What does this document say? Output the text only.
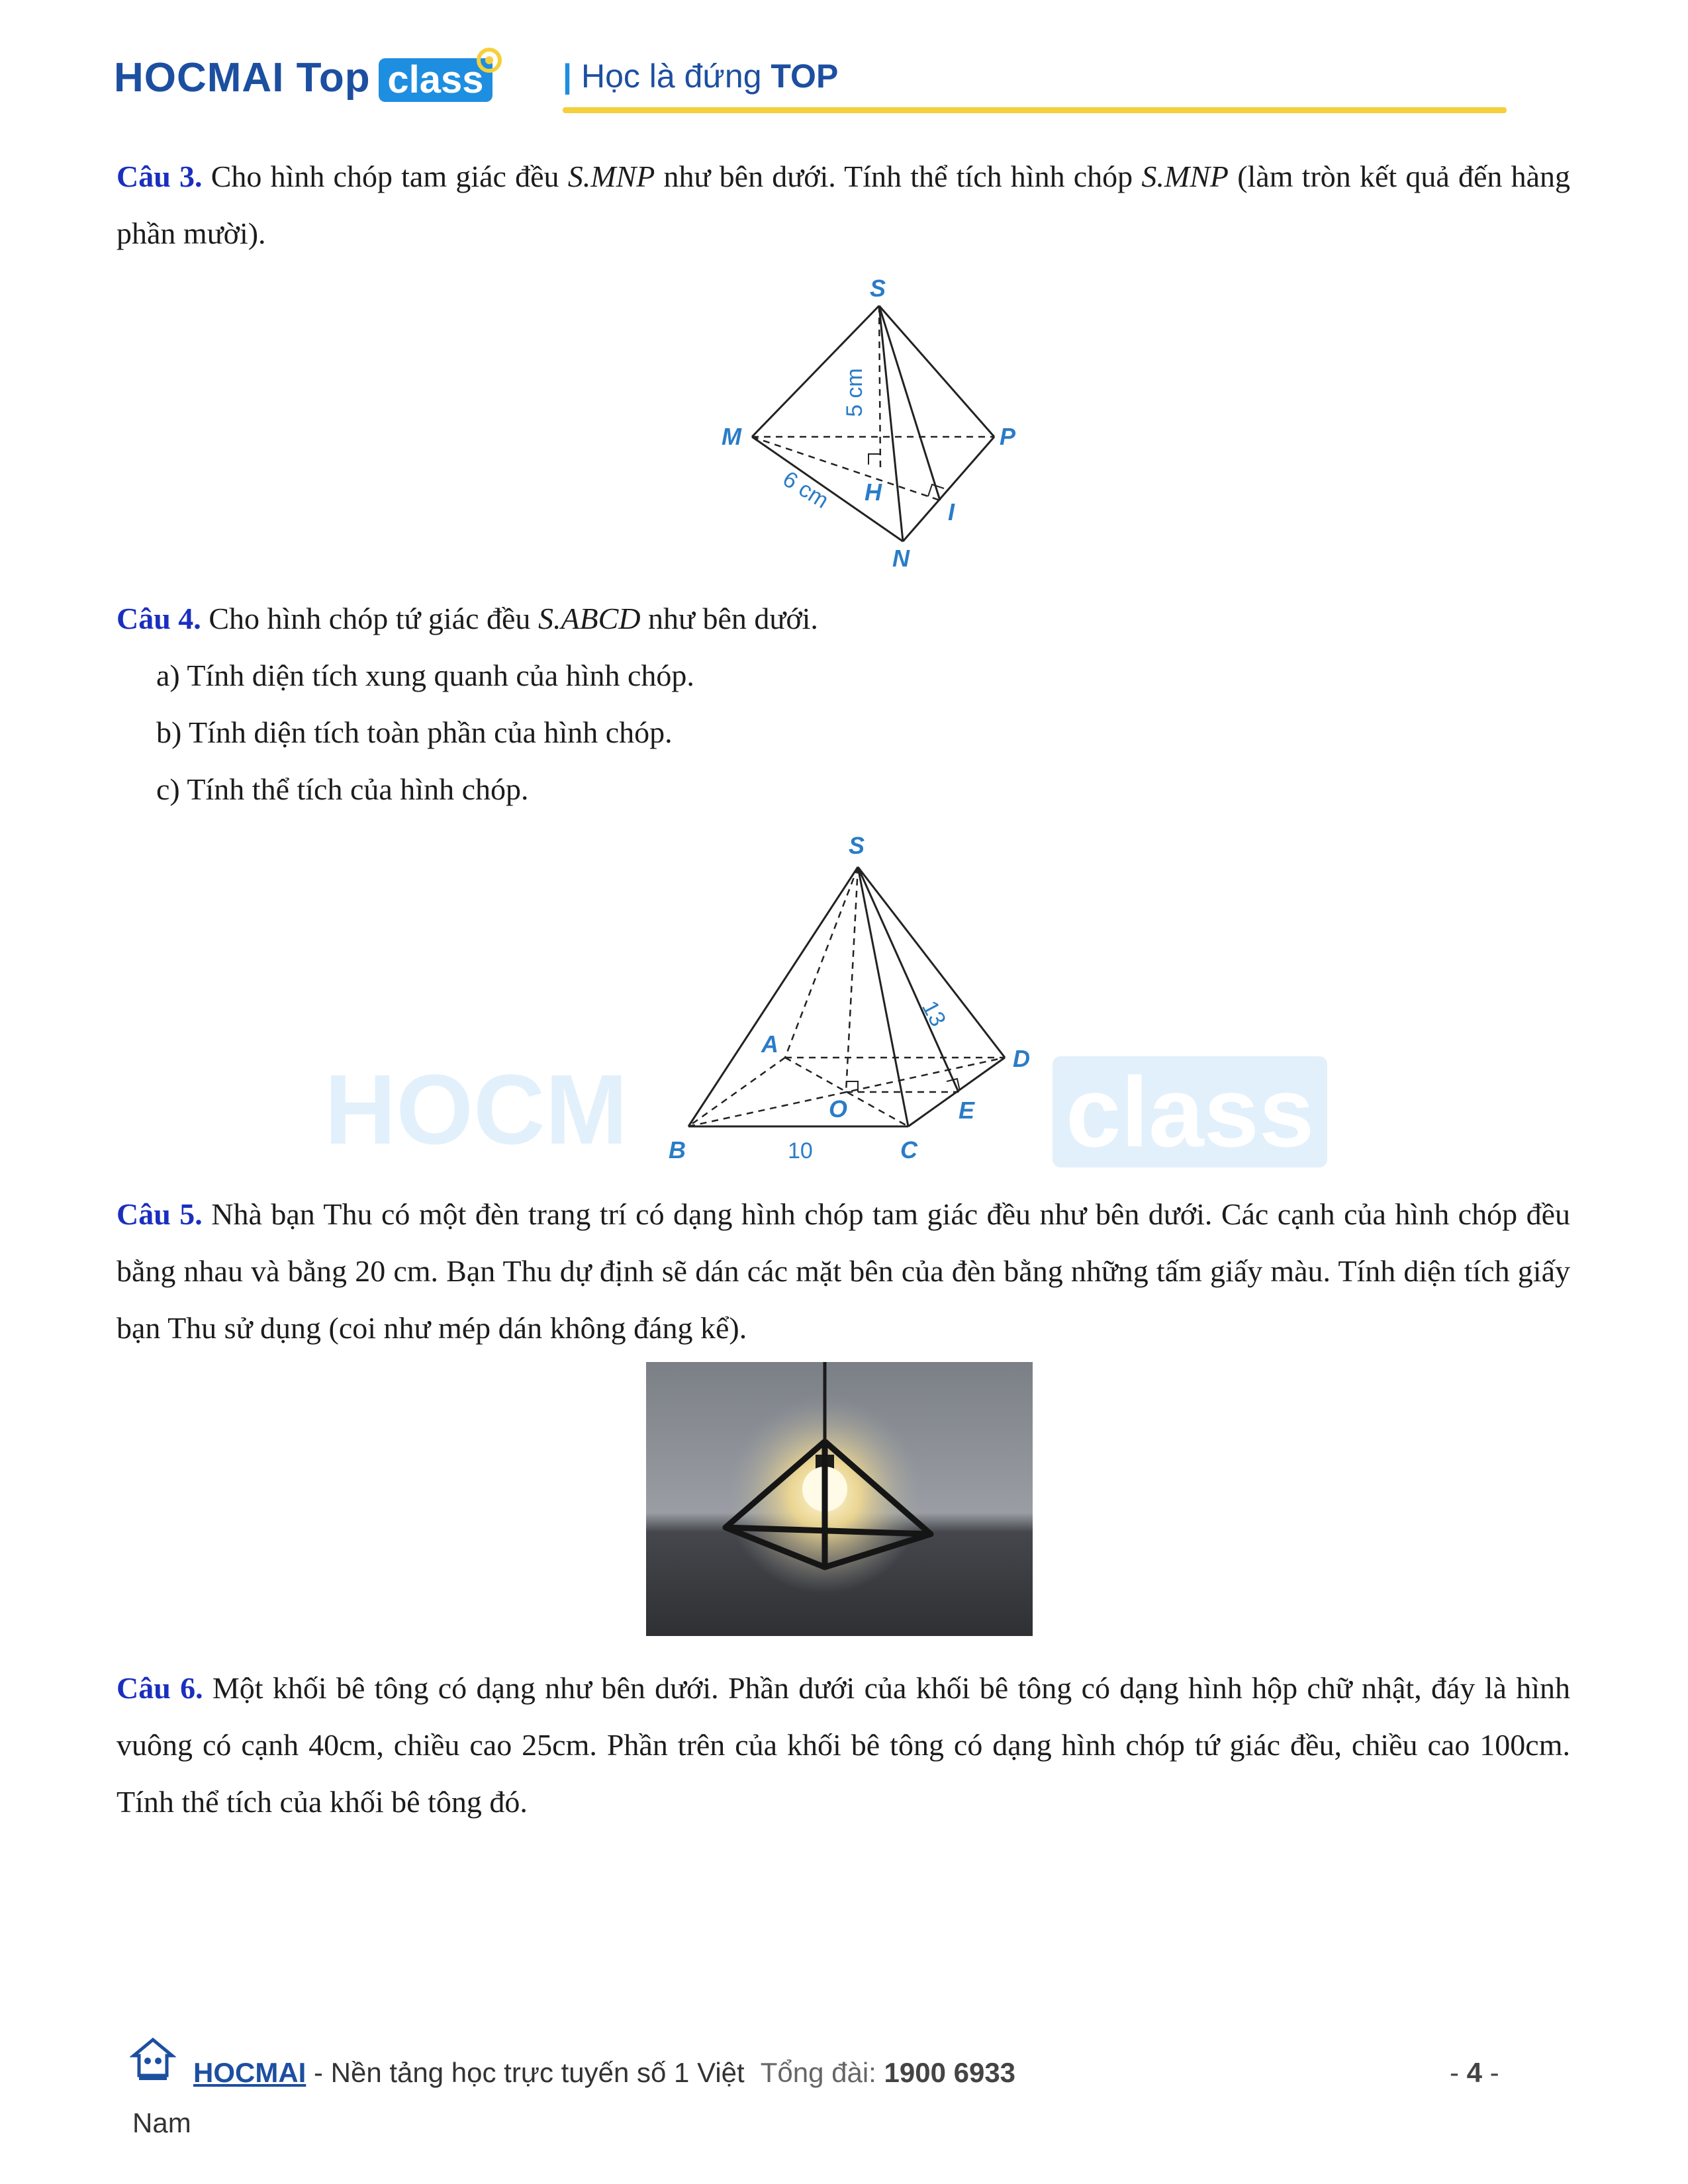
HOCMAI Top class | Học là đứng TOP
Câu 3. Cho hình chóp tam giác đều S.MNP như bên dưới. Tính thể tích hình chóp S.MNP (làm tròn kết quả đến hàng phần mười).
S
M	P
H
I
N
5 cm
6 cm
Câu 4. Cho hình chóp tứ giác đều S.ABCD như bên dưới.
a) Tính diện tích xung quanh của hình chóp.
b) Tính diện tích toàn phần của hình chóp.
c) Tính thể tích của hình chóp.
HOCM	class
S
A
D
O	E
B	C
13
10
Câu 5. Nhà bạn Thu có một đèn trang trí có dạng hình chóp tam giác đều như bên dưới. Các cạnh của hình chóp đều bằng nhau và bằng 20 cm. Bạn Thu dự định sẽ dán các mặt bên của đèn bằng những tấm giấy màu. Tính diện tích giấy bạn Thu sử dụng (coi như mép dán không đáng kể).
Câu 6. Một khối bê tông có dạng như bên dưới. Phần dưới của khối bê tông có dạng hình hộp chữ nhật, đáy là hình vuông có cạnh 40cm, chiều cao 25cm. Phần trên của khối bê tông có dạng hình chóp tứ giác đều, chiều cao 100cm. Tính thể tích của khối bê tông đó.
HOCMAI - Nền tảng học trực tuyến số 1 Việt Tổng đài: 1900 6933
Nam
- 4 -
